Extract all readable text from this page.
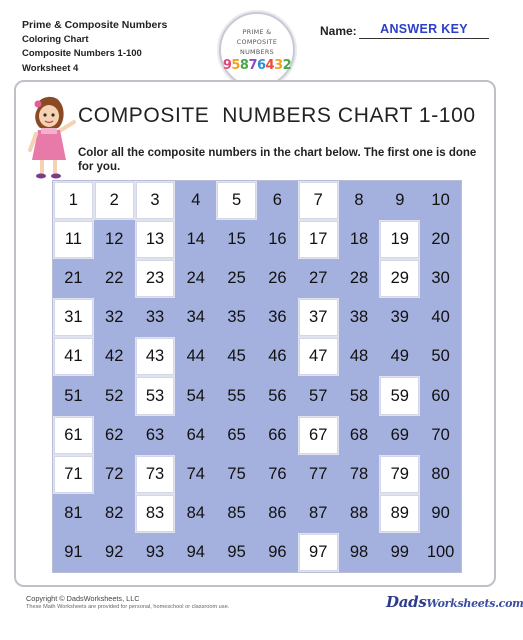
Prime & Composite Numbers
Coloring Chart
Composite Numbers 1-100
Worksheet 4
PRIME &
COMPOSITE
NUMBERS
95876432
Name:	ANSWER KEY
COMPOSITE  NUMBERS CHART 1-100
Color all the composite numbers in the chart below. The first one is done for you.
1	2	3	4	5	6	7	8	9	10
11	12	13	14	15	16	17	18	19	20
21	22	23	24	25	26	27	28	29	30
31	32	33	34	35	36	37	38	39	40
41	42	43	44	45	46	47	48	49	50
51	52	53	54	55	56	57	58	59	60
61	62	63	64	65	66	67	68	69	70
71	72	73	74	75	76	77	78	79	80
81	82	83	84	85	86	87	88	89	90
91	92	93	94	95	96	97	98	99	100
Copyright © DadsWorksheets, LLC
These Math Worksheets are provided for personal, homeschool or classroom use.	DadsWorksheets.com
